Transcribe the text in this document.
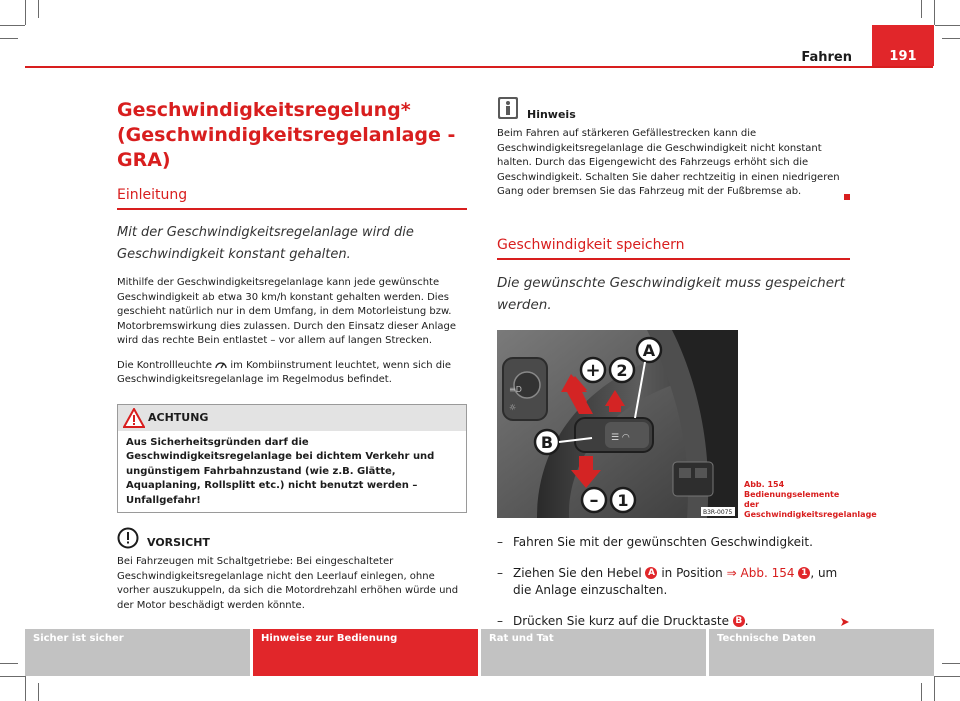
Fahren	191
Geschwindigkeitsregelung* (Geschwindigkeitsregelanlage - GRA)
Einleitung
Mit der Geschwindigkeitsregelanlage wird die Geschwindigkeit konstant gehalten.
Mithilfe der Geschwindigkeitsregelanlage kann jede gewünschte Geschwindigkeit ab etwa 30 km/h konstant gehalten werden. Dies geschieht natürlich nur in dem Umfang, in dem Motorleistung bzw. Motorbremswirkung dies zulassen. Durch den Einsatz dieser Anlage wird das rechte Bein entlastet – vor allem auf langen Strecken.
Die Kontrollleuchte im Kombiinstrument leuchtet, wenn sich die Geschwindigkeitsregelanlage im Regelmodus befindet.
ACHTUNG
Aus Sicherheitsgründen darf die Geschwindigkeitsregelanlage bei dichtem Verkehr und ungünstigem Fahrbahnzustand (wie z.B. Glätte, Aquaplaning, Rollsplitt etc.) nicht benutzt werden – Unfallgefahr!
VORSICHT
Bei Fahrzeugen mit Schaltgetriebe: Bei eingeschalteter Geschwindigkeitsregelanlage nicht den Leerlauf einlegen, ohne vorher auszukuppeln, da sich die Motordrehzahl erhöhen würde und der Motor beschädigt werden könnte.
Hinweis
Beim Fahren auf stärkeren Gefällestrecken kann die Geschwindigkeitsregelanlage die Geschwindigkeit nicht konstant halten. Durch das Eigengewicht des Fahrzeugs erhöht sich die Geschwindigkeit. Schalten Sie daher rechtzeitig in einen niedrigeren Gang oder bremsen Sie das Fahrzeug mit der Fußbremse ab.
Geschwindigkeit speichern
Die gewünschte Geschwindigkeit muss gespeichert werden.
≡D
☼
☰ ◠
A
+ 2
B
– 1
B3R-0075
Abb. 154 Bedienungselemente der Geschwindigkeitsregelanlage
– Fahren Sie mit der gewünschten Geschwindigkeit.
– Ziehen Sie den Hebel A in Position ⇒ Abb. 154 1 , um die Anlage einzuschalten.
– Drücken Sie kurz auf die Drucktaste B .
Sicher ist sicher	Hinweise zur Bedienung	Rat und Tat	Technische Daten
